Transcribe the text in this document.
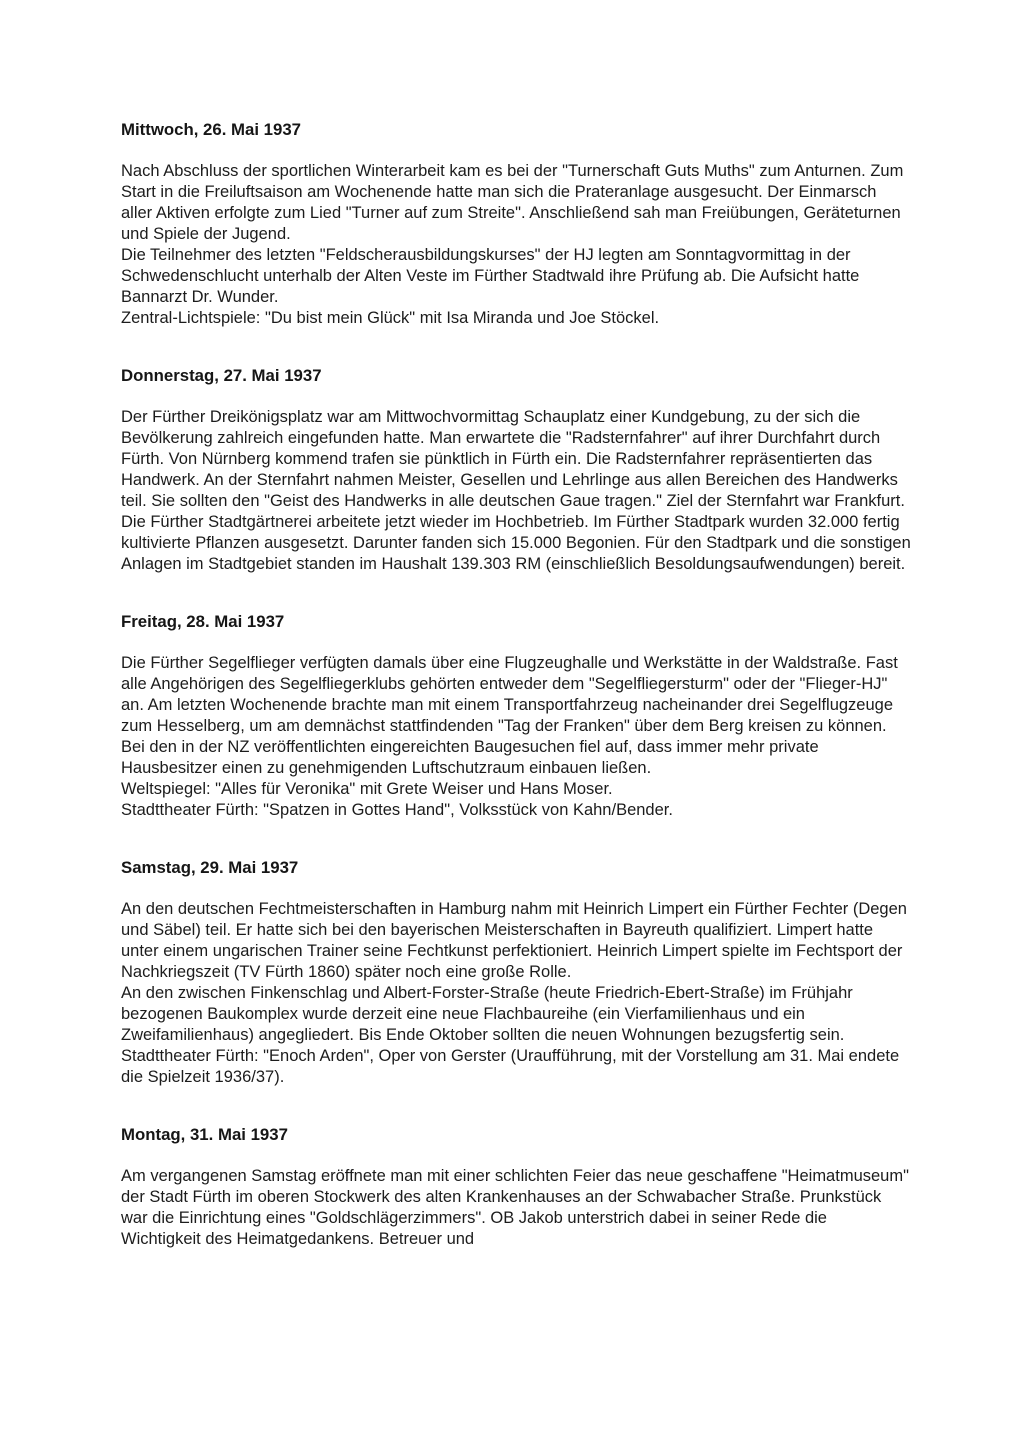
Mittwoch, 26. Mai 1937

Nach Abschluss der sportlichen Winterarbeit kam es bei der "Turnerschaft Guts Muths" zum Anturnen. Zum Start in die Freiluftsaison am Wochenende hatte man sich die Prateranlage ausgesucht. Der Einmarsch aller Aktiven erfolgte zum Lied "Turner auf zum Streite". Anschließend sah man Freiübungen, Geräteturnen und Spiele der Jugend.

Die Teilnehmer des letzten "Feldscherausbildungskurses" der HJ legten am Sonntagvormittag in der Schwedenschlucht unterhalb der Alten Veste im Fürther Stadtwald ihre Prüfung ab. Die Aufsicht hatte Bannarzt Dr. Wunder.

Zentral-Lichtspiele: "Du bist mein Glück" mit Isa Miranda und Joe Stöckel.

Donnerstag, 27. Mai 1937

Der Fürther Dreikönigsplatz war am Mittwochvormittag Schauplatz einer Kundgebung, zu der sich die Bevölkerung zahlreich eingefunden hatte. Man erwartete die "Radsternfahrer" auf ihrer Durchfahrt durch Fürth. Von Nürnberg kommend trafen sie pünktlich in Fürth ein. Die Radsternfahrer repräsentierten das Handwerk. An der Sternfahrt nahmen Meister, Gesellen und Lehrlinge aus allen Bereichen des Handwerks teil. Sie sollten den "Geist des Handwerks in alle deutschen Gaue tragen." Ziel der Sternfahrt war Frankfurt.

Die Fürther Stadtgärtnerei arbeitete jetzt wieder im Hochbetrieb. Im Fürther Stadtpark wurden 32.000 fertig kultivierte Pflanzen ausgesetzt. Darunter fanden sich 15.000 Begonien. Für den Stadtpark und die sonstigen Anlagen im Stadtgebiet standen im Haushalt 139.303 RM (einschließlich Besoldungsaufwendungen) bereit.

Freitag, 28. Mai 1937

Die Fürther Segelflieger verfügten damals über eine Flugzeughalle und Werkstätte in der Waldstraße. Fast alle Angehörigen des Segelfliegerklubs gehörten entweder dem "Segelfliegersturm" oder der "Flieger-HJ" an. Am letzten Wochenende brachte man mit einem Transportfahrzeug nacheinander drei Segelflugzeuge zum Hesselberg, um am demnächst stattfindenden "Tag der Franken" über dem Berg kreisen zu können.

Bei den in der NZ veröffentlichten eingereichten Baugesuchen fiel auf, dass immer mehr private Hausbesitzer einen zu genehmigenden Luftschutzraum einbauen ließen.

Weltspiegel: "Alles für Veronika" mit Grete Weiser und Hans Moser.

Stadttheater Fürth: "Spatzen in Gottes Hand", Volksstück von Kahn/Bender.

Samstag, 29. Mai 1937

An den deutschen Fechtmeisterschaften in Hamburg nahm mit Heinrich Limpert ein Fürther Fechter (Degen und Säbel) teil. Er hatte sich bei den bayerischen Meisterschaften in Bayreuth qualifiziert. Limpert hatte unter einem ungarischen Trainer seine Fechtkunst perfektioniert. Heinrich Limpert spielte im Fechtsport der Nachkriegszeit (TV Fürth 1860) später noch eine große Rolle.

An den zwischen Finkenschlag und Albert-Forster-Straße (heute Friedrich-Ebert-Straße) im Frühjahr bezogenen Baukomplex wurde derzeit eine neue Flachbaureihe (ein Vierfamilienhaus und ein Zweifamilienhaus) angegliedert. Bis Ende Oktober sollten die neuen Wohnungen bezugsfertig sein.

Stadttheater Fürth: "Enoch Arden", Oper von Gerster (Uraufführung, mit der Vorstellung am 31. Mai endete die Spielzeit 1936/37).

Montag, 31. Mai 1937

Am vergangenen Samstag eröffnete man mit einer schlichten Feier das neue geschaffene "Heimatmuseum" der Stadt Fürth im oberen Stockwerk des alten Krankenhauses an der Schwabacher Straße. Prunkstück war die Einrichtung eines "Goldschlägerzimmers". OB Jakob unterstrich dabei in seiner Rede die Wichtigkeit des Heimatgedankens. Betreuer und
